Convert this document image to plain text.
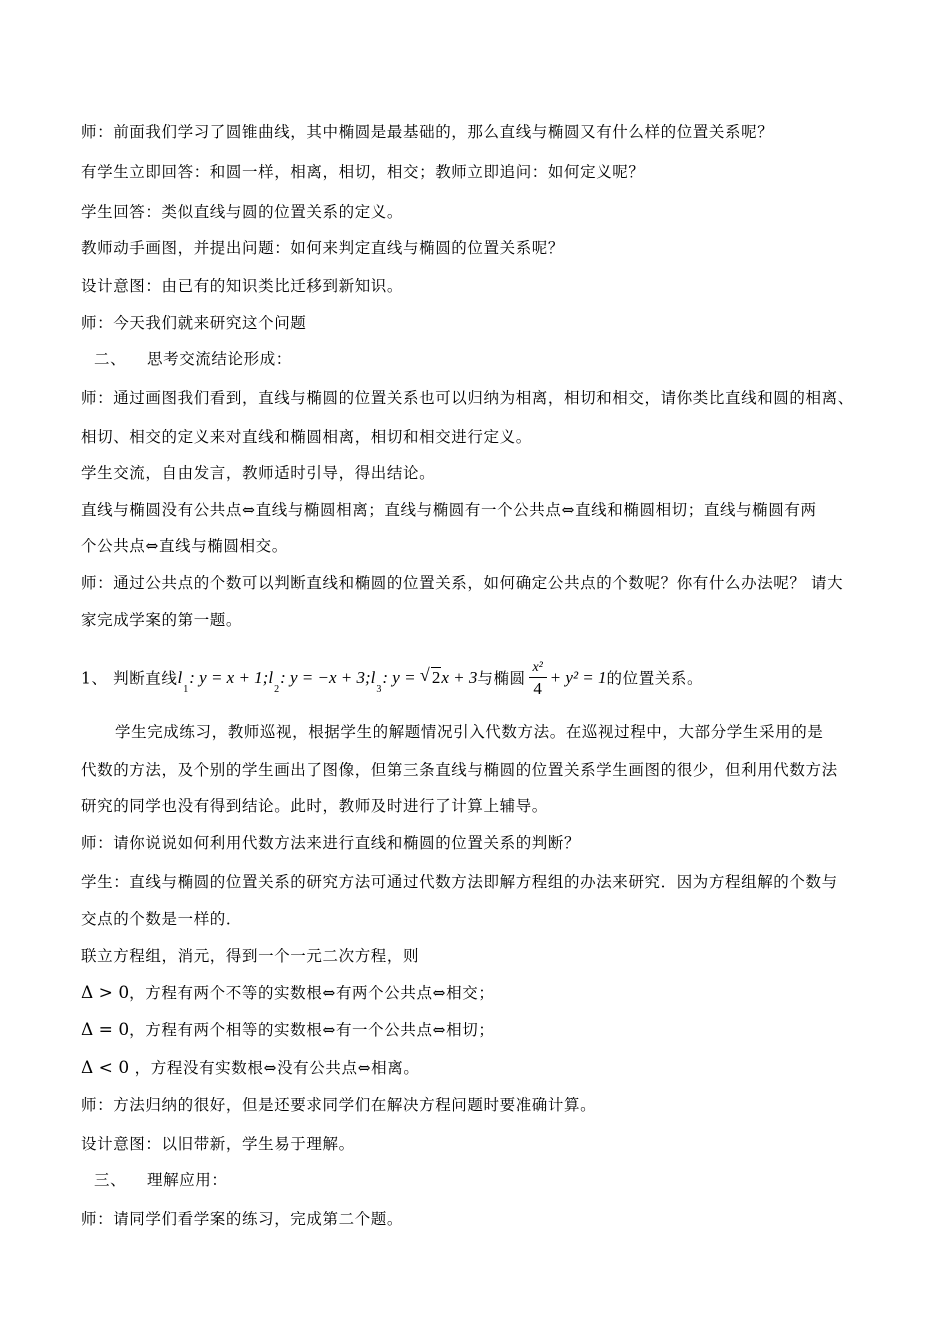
师：前面我们学习了圆锥曲线，其中椭圆是最基础的，那么直线与椭圆又有什么样的位置关系呢？
有学生立即回答：和圆一样，相离，相切，相交；教师立即追问：如何定义呢？
学生回答：类似直线与圆的位置关系的定义。
教师动手画图，并提出问题：如何来判定直线与椭圆的位置关系呢？
设计意图：由已有的知识类比迁移到新知识。
师：今天我们就来研究这个问题
二、 思考交流结论形成：
师：通过画图我们看到，直线与椭圆的位置关系也可以归纳为相离，相切和相交，请你类比直线和圆的相离、
相切、相交的定义来对直线和椭圆相离，相切和相交进行定义。
学生交流，自由发言，教师适时引导，得出结论。
直线与椭圆没有公共点⇔直线与椭圆相离；直线与椭圆有一个公共点⇔直线和椭圆相切；直线与椭圆有两
个公共点⇔直线与椭圆相交。
师：通过公共点的个数可以判断直线和椭圆的位置关系，如何确定公共点的个数呢？你有什么办法呢？ 请大
家完成学案的第一题。
1、 判断直线$l_1$: $y = x + 1;l_2$: $y = -x + 3;l_3$: y = √ 2x + 3与椭圆 $\frac{\text{x²}}{4} + y^2 = 1$的位置关系。
学生完成练习，教师巡视，根据学生的解题情况引入代数方法。在巡视过程中，大部分学生采用的是
代数的方法，及个别的学生画出了图像，但第三条直线与椭圆的位置关系学生画图的很少，但利用代数方法
研究的同学也没有得到结论。此时，教师及时进行了计算上辅导。
师：请你说说如何利用代数方法来进行直线和椭圆的位置关系的判断？
学生：直线与椭圆的位置关系的研究方法可通过代数方法即解方程组的办法来研究．因为方程组解的个数与
交点的个数是一样的．
联立方程组，消元，得到一个一元二次方程，则
Δ > 0，方程有两个不等的实数根⇔有两个公共点⇔相交；
Δ = 0，方程有两个相等的实数根⇔有一个公共点⇔相切；
Δ < 0 ，方程没有实数根⇔没有公共点⇔相离。
师：方法归纳的很好，但是还要求同学们在解决方程问题时要准确计算。
设计意图：以旧带新，学生易于理解。
三、 理解应用：
师：请同学们看学案的练习，完成第二个题。
